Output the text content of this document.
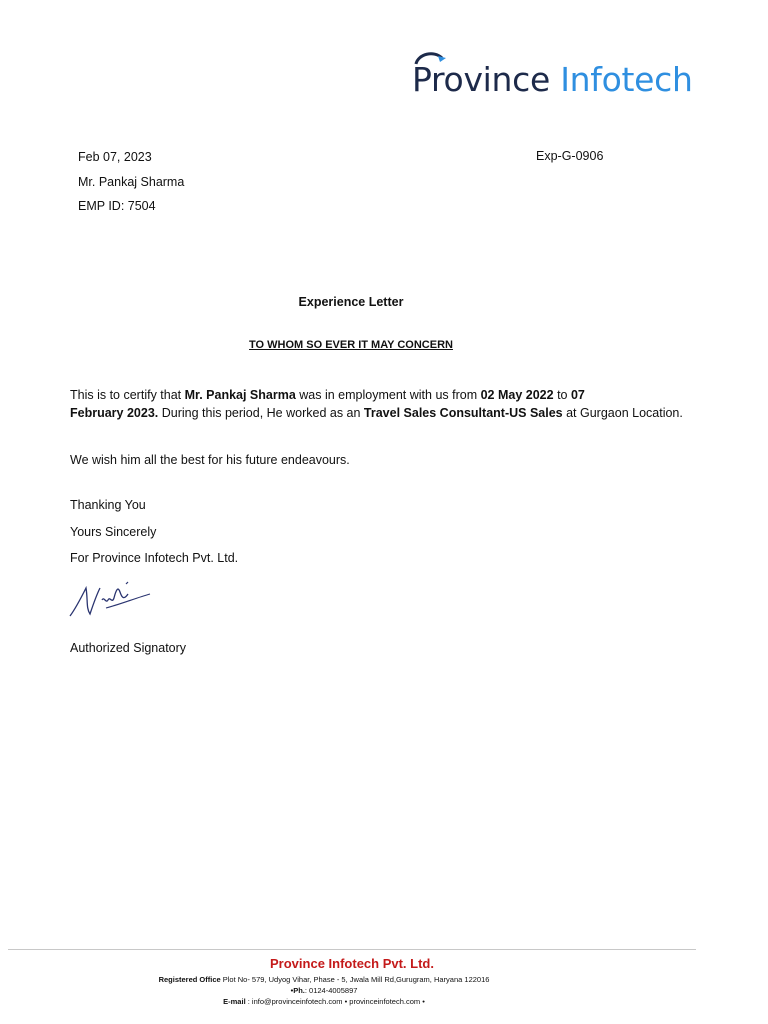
Province Infotech
Feb 07, 2023	Exp-G-0906
Mr. Pankaj Sharma
EMP ID: 7504
Experience Letter
TO WHOM SO EVER IT MAY CONCERN
This is to certify that Mr. Pankaj Sharma was in employment with us from 02 May 2022 to 07
February 2023. During this period, He worked as an Travel Sales Consultant-US Sales at Gurgaon Location.
We wish him all the best for his future endeavours.
Thanking You
Yours Sincerely
For Province Infotech Pvt. Ltd.
Authorized Signatory
Province Infotech Pvt. Ltd.
Registered Office Plot No- 579, Udyog Vihar, Phase - 5, Jwala Mill Rd,Gurugram, Haryana 122016
•Ph.: 0124-4005897
E-mail : info@provinceinfotech.com • provinceinfotech.com •
